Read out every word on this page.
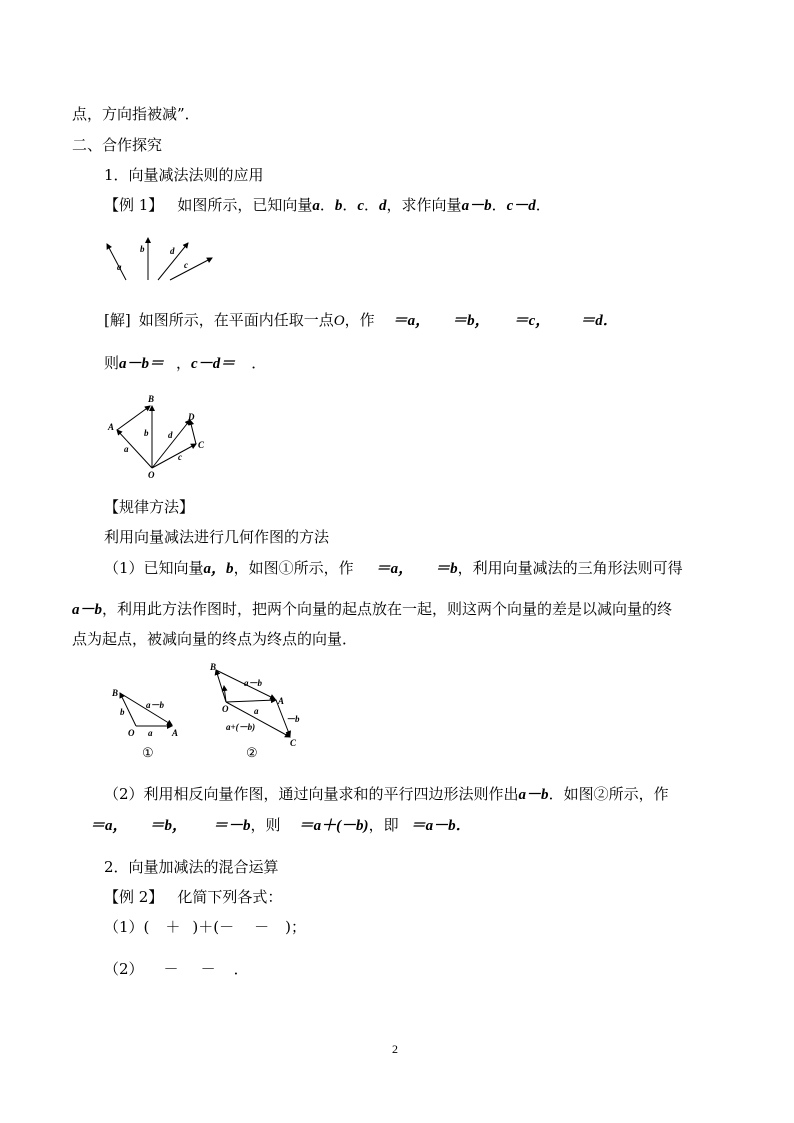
点，方向指被减”．
二、合作探究
1．向量减法法则的应用
【例 1】 如图所示，已知向量a．b．c．d，求作向量a－b．c－d．
a
b	d
c
[解] 如图所示，在平面内任取一点O，作 ＝a， ＝b， ＝c， ＝d．
则a－b＝ ，c－d＝ ．
B
A
D
C
O
a
b d
c
【规律方法】
利用向量减法进行几何作图的方法
（1）已知向量a，b，如图①所示，作 ＝a， ＝b，利用向量减法的三角形法则可得
a－b，利用此方法作图时，把两个向量的起点放在一起，则这两个向量的差是以减向量的终
点为起点，被减向量的终点为终点的向量．
B
b
a－b
O a A
①
B
a－b
A
O	a
－b
a+(－b)
C
②
（2）利用相反向量作图，通过向量求和的平行四边形法则作出a－b．如图②所示，作
＝a， ＝b， ＝－b，则 ＝a＋(－b)，即 ＝a－b．
2．向量加减法的混合运算
【例 2】 化简下列各式：
（1）( ＋ )＋(－ － )；
（2） － － ．
2
